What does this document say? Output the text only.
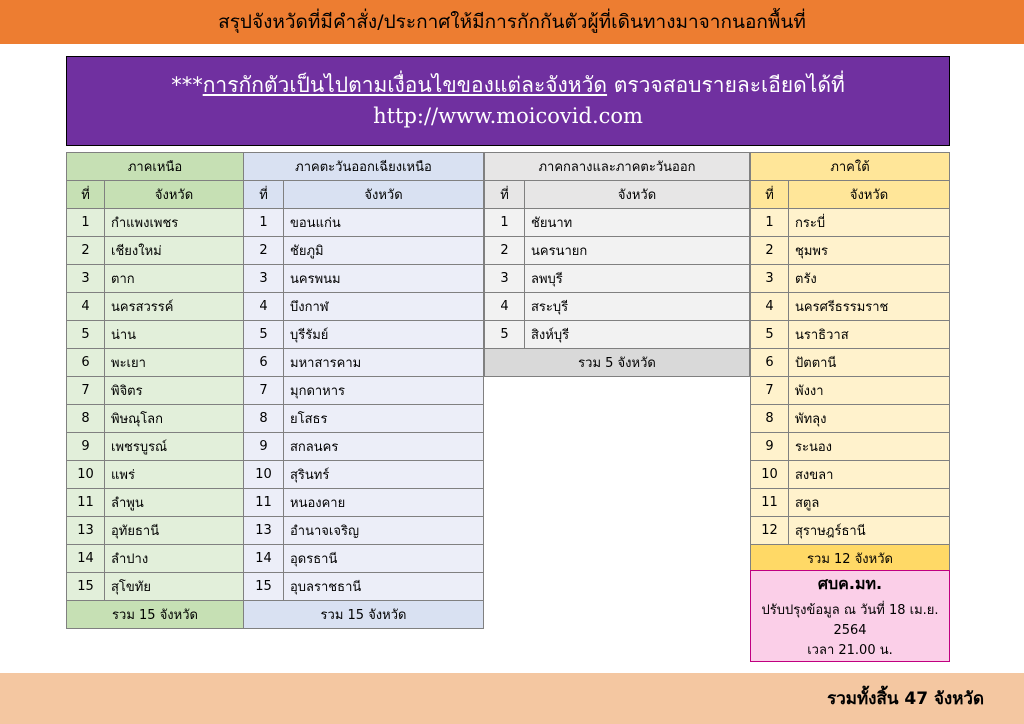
สรุปจังหวัดที่มีคำสั่ง/ประกาศให้มีการกักกันตัวผู้ที่เดินทางมาจากนอกพื้นที่
***การกักตัวเป็นไปตามเงื่อนไขของแต่ละจังหวัด ตรวจสอบรายละเอียดได้ที่
http://www.moicovid.com
ภาคเหนือ	
ที่	จังหวัด
1	กำแพงเพชร
2	เชียงใหม่
3	ตาก
4	นครสวรรค์
5	น่าน
6	พะเยา
7	พิจิตร
8	พิษณุโลก
9	เพชรบูรณ์
10	แพร่
11	ลำพูน
13	อุทัยธานี
14	ลำปาง
15	สุโขทัย
รวม 15 จังหวัด	
ภาคตะวันออกเฉียงเหนือ	
ที่	จังหวัด
1	ขอนแก่น
2	ชัยภูมิ
3	นครพนม
4	บึงกาฬ
5	บุรีรัมย์
6	มหาสารคาม
7	มุกดาหาร
8	ยโสธร
9	สกลนคร
10	สุรินทร์
11	หนองคาย
13	อำนาจเจริญ
14	อุดรธานี
15	อุบลราชธานี
รวม 15 จังหวัด	
ภาคกลางและภาคตะวันออก	
ที่	จังหวัด
1	ชัยนาท
2	นครนายก
3	ลพบุรี
4	สระบุรี
5	สิงห์บุรี
รวม 5 จังหวัด	
ภาคใต้	
ที่	จังหวัด
1	กระบี่
2	ชุมพร
3	ตรัง
4	นครศรีธรรมราช
5	นราธิวาส
6	ปัตตานี
7	พังงา
8	พัทลุง
9	ระนอง
10	สงขลา
11	สตูล
12	สุราษฎร์ธานี
รวม 12 จังหวัด	
ศบค.มท.
ปรับปรุงข้อมูล ณ วันที่ 18 เม.ย. 2564
เวลา 21.00 น.
รวมทั้งสิ้น 47 จังหวัด
